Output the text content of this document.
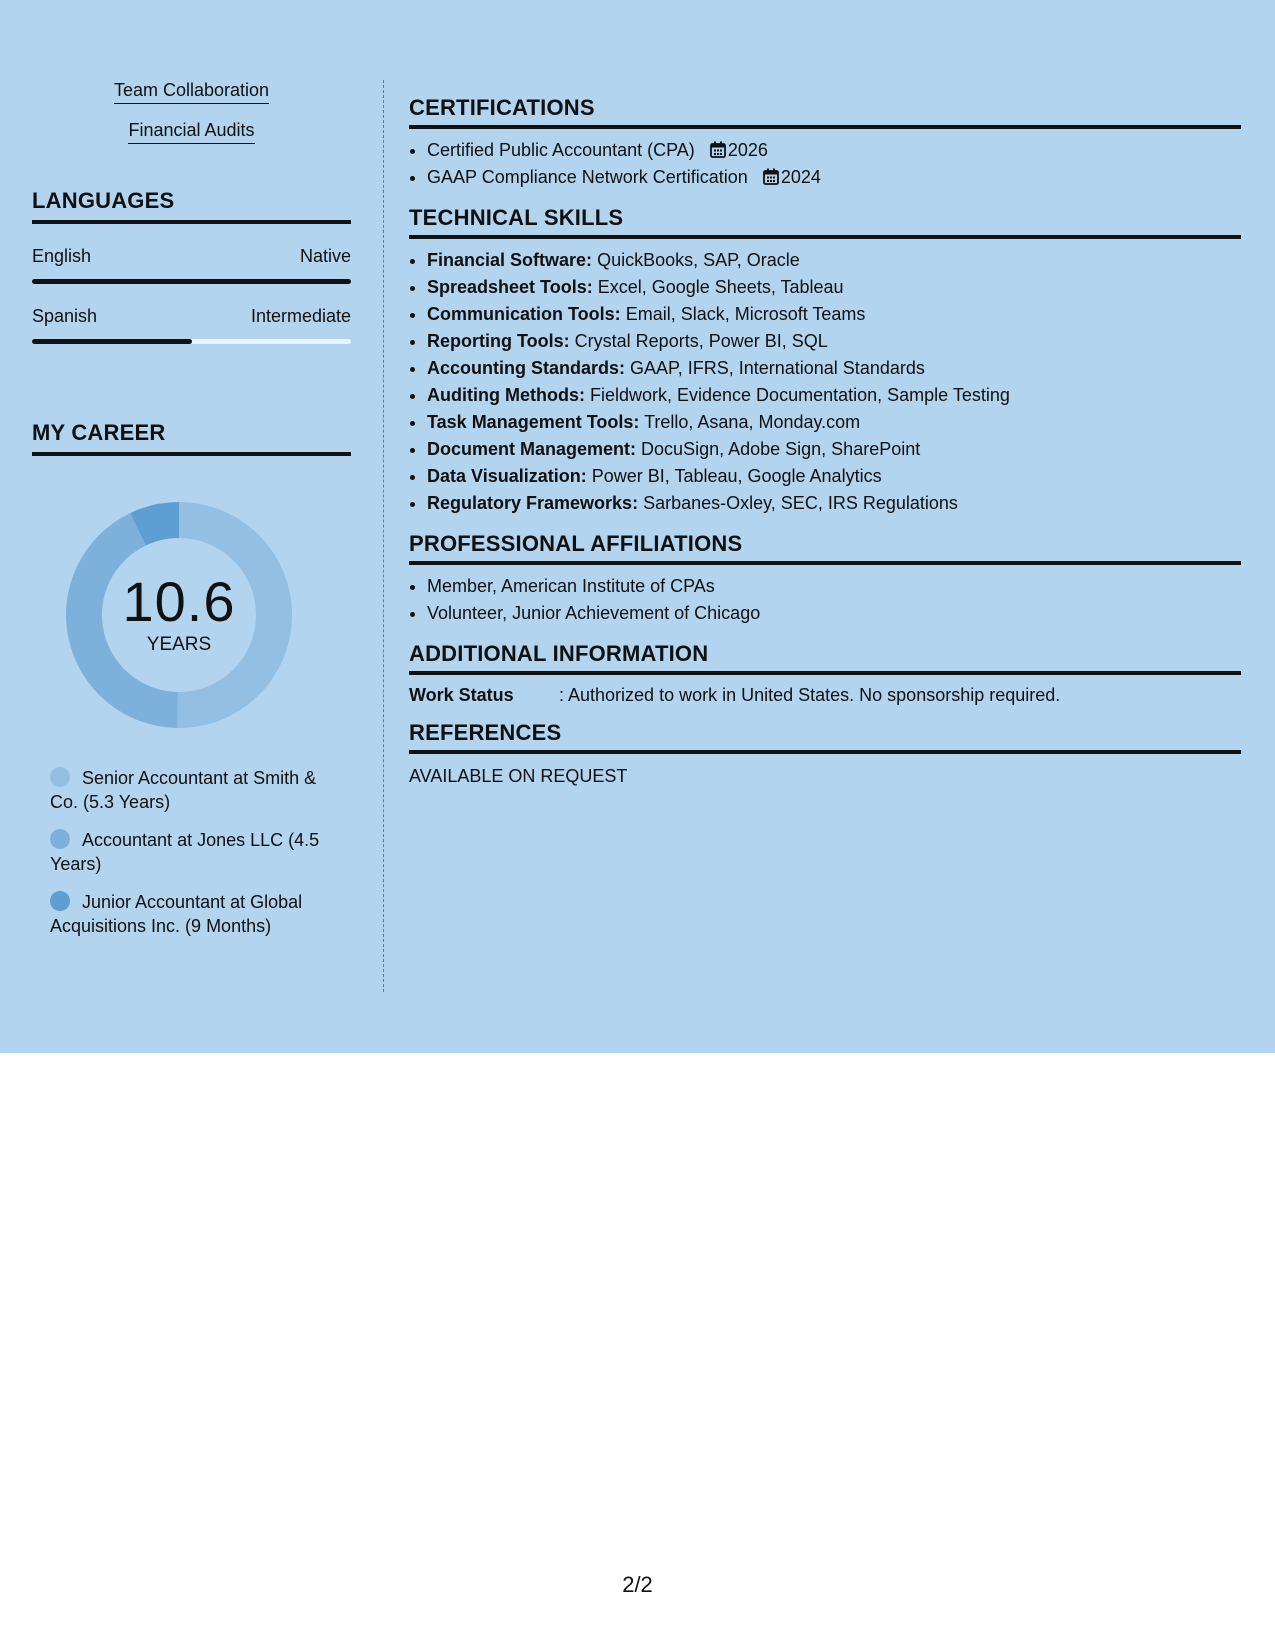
Team Collaboration
Financial Audits
LANGUAGES
English	Native
Spanish	Intermediate
MY CAREER
10.6
YEARS
Senior Accountant at Smith & Co. (5.3 Years)
Accountant at Jones LLC (4.5 Years)
Junior Accountant at Global Acquisitions Inc. (9 Months)
CERTIFICATIONS
• Certified Public Accountant (CPA) 2026
• GAAP Compliance Network Certification 2024
TECHNICAL SKILLS
• Financial Software: QuickBooks, SAP, Oracle
• Spreadsheet Tools: Excel, Google Sheets, Tableau
• Communication Tools: Email, Slack, Microsoft Teams
• Reporting Tools: Crystal Reports, Power BI, SQL
• Accounting Standards: GAAP, IFRS, International Standards
• Auditing Methods: Fieldwork, Evidence Documentation, Sample Testing
• Task Management Tools: Trello, Asana, Monday.com
• Document Management: DocuSign, Adobe Sign, SharePoint
• Data Visualization: Power BI, Tableau, Google Analytics
• Regulatory Frameworks: Sarbanes-Oxley, SEC, IRS Regulations
PROFESSIONAL AFFILIATIONS
• Member, American Institute of CPAs
• Volunteer, Junior Achievement of Chicago
ADDITIONAL INFORMATION
Work Status	: Authorized to work in United States. No sponsorship required.
REFERENCES
AVAILABLE ON REQUEST
2/2
